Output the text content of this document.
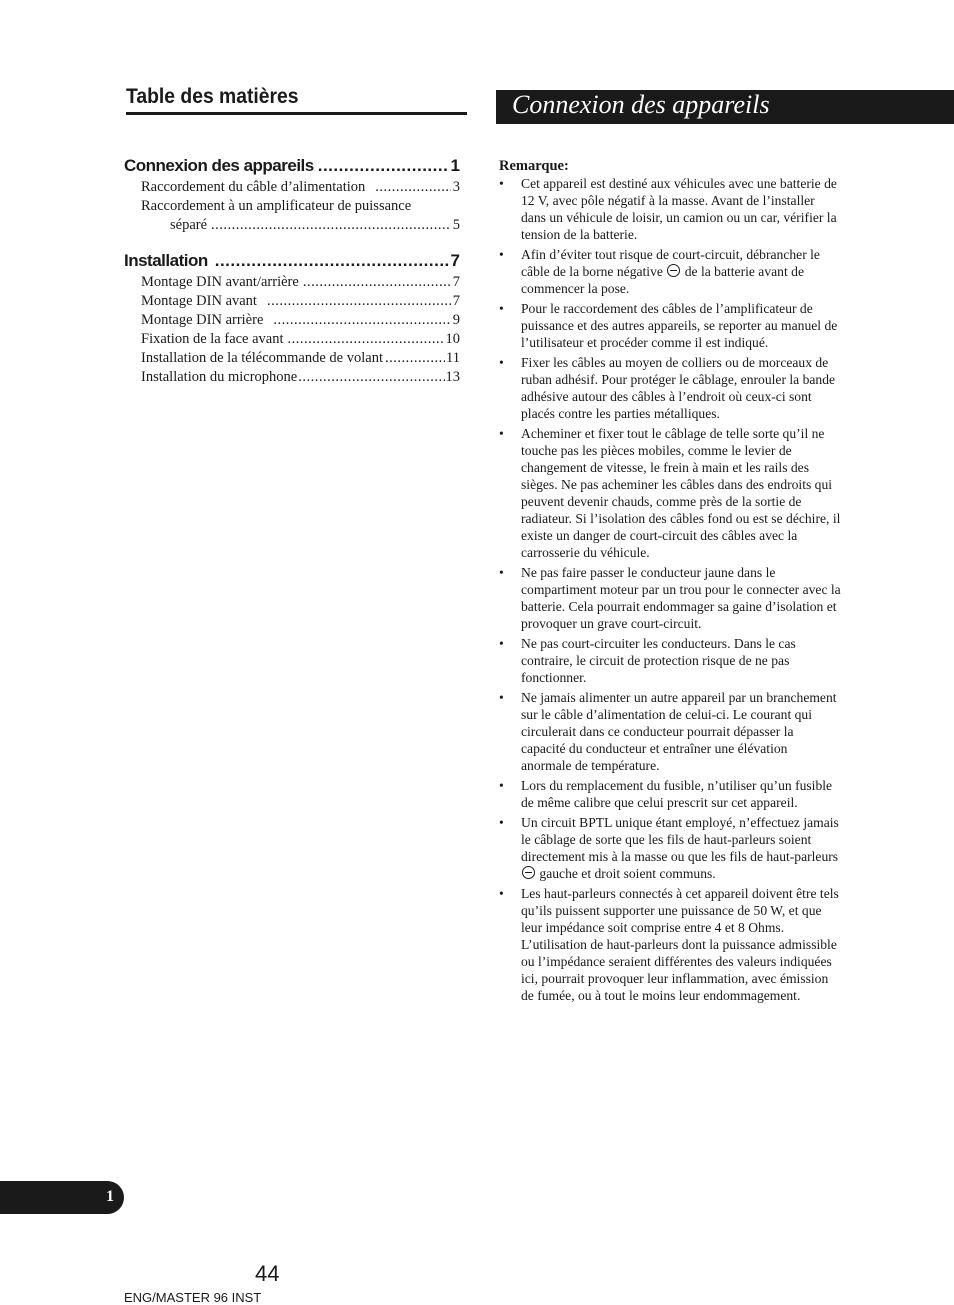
Table des matières
Connexion des appareils .....	1
Raccordement du câble d’alimentation .....	3
Raccordement à un amplificateur de puissance
séparé .....	5
Installation .....	7
Montage DIN avant/arrière .....	7
Montage DIN avant .....	7
Montage DIN arrière .....	9
Fixation de la face avant .....	10
Installation de la télécommande de volant .....	11
Installation du microphone .....	13
Connexion des appareils
Remarque:
• Cet appareil est destiné aux véhicules avec une batterie de 12 V, avec pôle négatif à la masse. Avant de l’installer dans un véhicule de loisir, un camion ou un car, vérifier la tension de la batterie.
• Afin d’éviter tout risque de court-circuit, débrancher le câble de la borne négative de la batterie avant de commencer la pose.
• Pour le raccordement des câbles de l’amplificateur de puissance et des autres appareils, se reporter au manuel de l’utilisateur et procéder comme il est indiqué.
• Fixer les câbles au moyen de colliers ou de morceaux de ruban adhésif. Pour protéger le câblage, enrouler la bande adhésive autour des câbles à l’endroit où ceux-ci sont placés contre les parties métalliques.
• Acheminer et fixer tout le câblage de telle sorte qu’il ne touche pas les pièces mobiles, comme le levier de changement de vitesse, le frein à main et les rails des sièges. Ne pas acheminer les câbles dans des endroits qui peuvent devenir chauds, comme près de la sortie de radiateur. Si l’isolation des câbles fond ou est se déchire, il existe un danger de court-circuit des câbles avec la carrosserie du véhicule.
• Ne pas faire passer le conducteur jaune dans le compartiment moteur par un trou pour le connecter avec la batterie. Cela pourrait endommager sa gaine d’isolation et provoquer un grave court-circuit.
• Ne pas court-circuiter les conducteurs. Dans le cas contraire, le circuit de protection risque de ne pas fonctionner.
• Ne jamais alimenter un autre appareil par un branchement sur le câble d’alimentation de celui-ci. Le courant qui circulerait dans ce conducteur pourrait dépasser la capacité du conducteur et entraîner une élévation anormale de température.
• Lors du remplacement du fusible, n’utiliser qu’un fusible de même calibre que celui prescrit sur cet appareil.
• Un circuit BPTL unique étant employé, n’effectuez jamais le câblage de sorte que les fils de haut-parleurs soient directement mis à la masse ou que les fils de haut-parleurs  gauche et droit soient communs.
• Les haut-parleurs connectés à cet appareil doivent être tels qu’ils puissent supporter une puissance de 50 W, et que leur impédance soit comprise entre 4 et 8 Ohms. L’utilisation de haut-parleurs dont la puissance admissible ou l’impédance seraient différentes des valeurs indiquées ici, pourrait provoquer leur inflammation, avec émission de fumée, ou à tout le moins leur endommagement.
1
44
ENG/MASTER 96 INST
